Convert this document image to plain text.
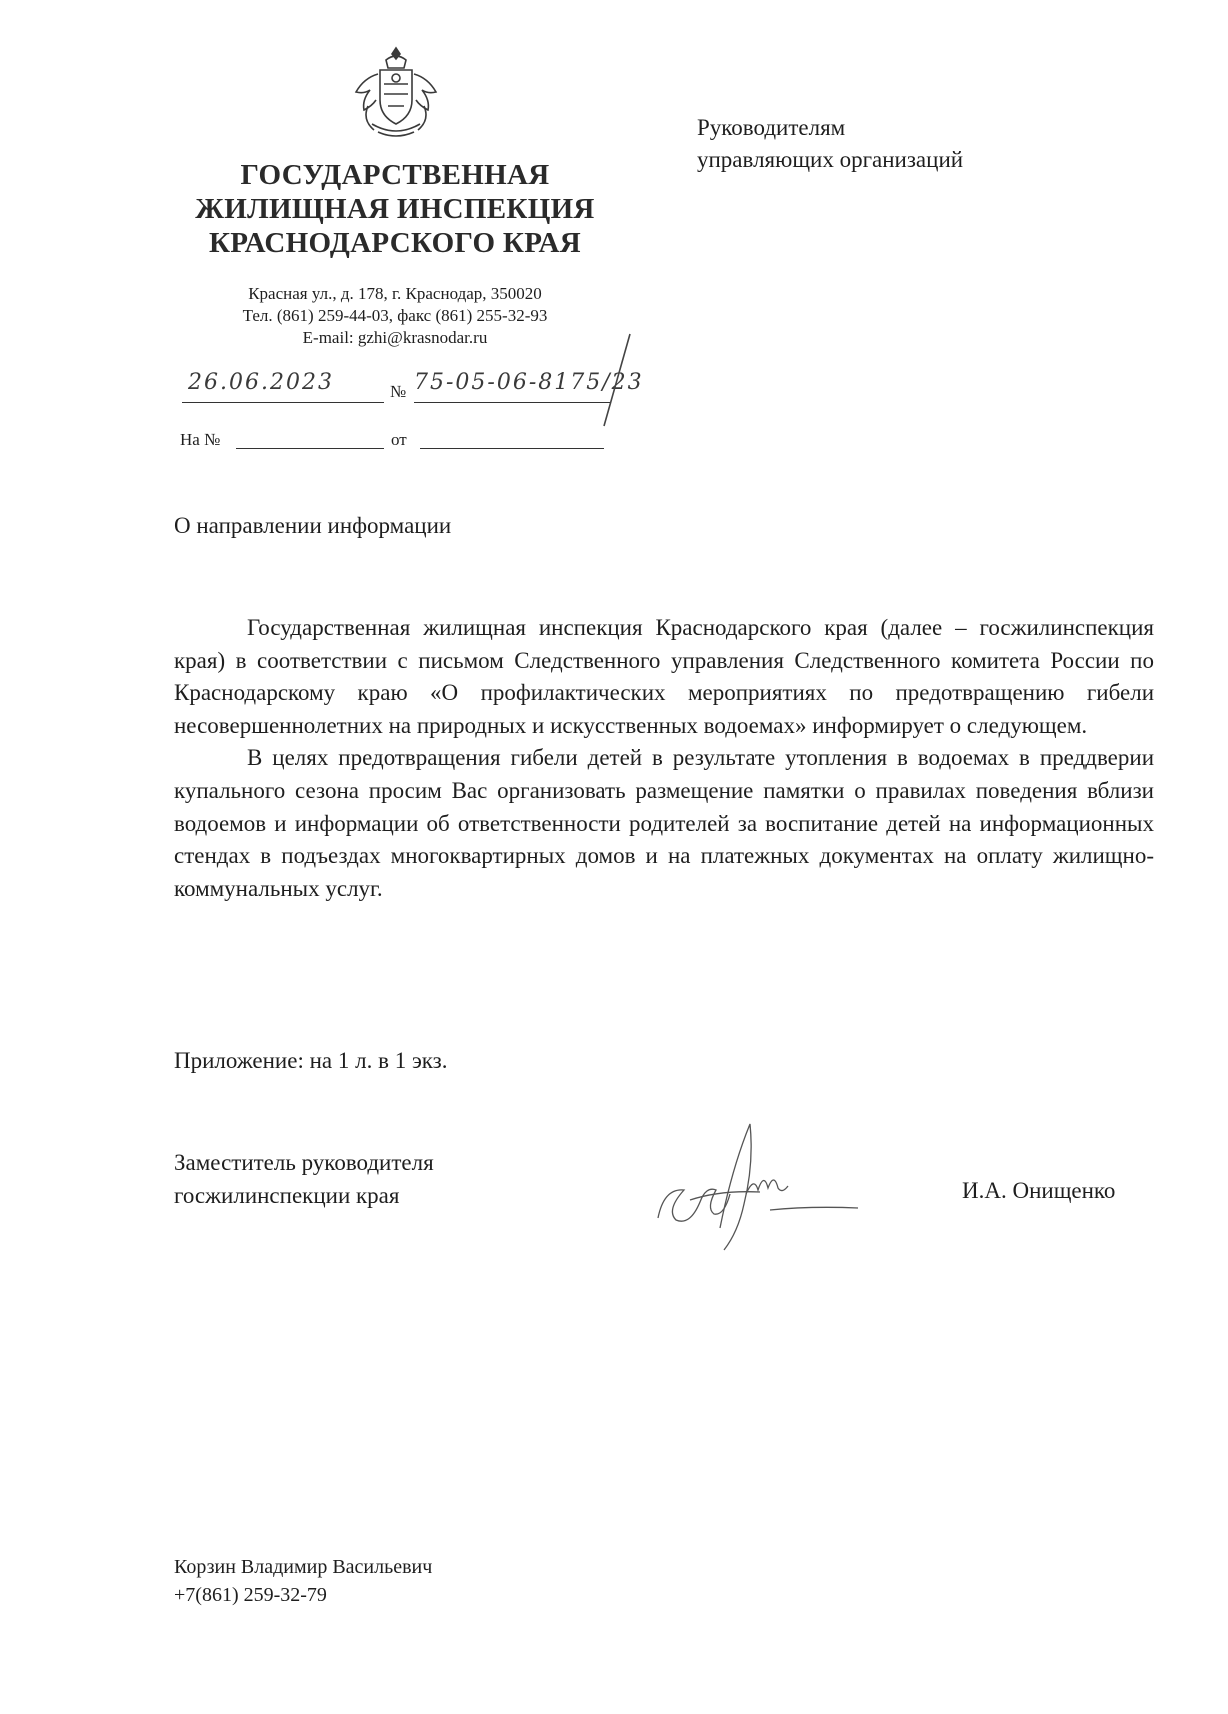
ГОСУДАРСТВЕННАЯ
ЖИЛИЩНАЯ ИНСПЕКЦИЯ
КРАСНОДАРСКОГО КРАЯ
Красная ул., д. 178, г. Краснодар, 350020
Тел. (861) 259-44-03, факс (861) 255-32-93
E-mail: gzhi@krasnodar.ru
26.06.2023	№ 75-05-06-8175/23
На №	от
Руководителям
управляющих организаций
О направлении информации

Государственная жилищная инспекция Краснодарского края (далее – госжилинспекция края) в соответствии с письмом Следственного управления Следственного комитета России по Краснодарскому краю «О профилактических мероприятиях по предотвращению гибели несовершеннолетних на природных и искусственных водоемах» информирует о следующем.

В целях предотвращения гибели детей в результате утопления в водоемах в преддверии купального сезона просим Вас организовать размещение памятки о правилах поведения вблизи водоемов и информации об ответственности родителей за воспитание детей на информационных стендах в подъездах многоквартирных домов и на платежных документах на оплату жилищно-коммунальных услуг.

Приложение: на 1 л. в 1 экз.
Заместитель руководителя
госжилинспекции края	И.А. Онищенко
Корзин Владимир Васильевич
+7(861) 259-32-79
